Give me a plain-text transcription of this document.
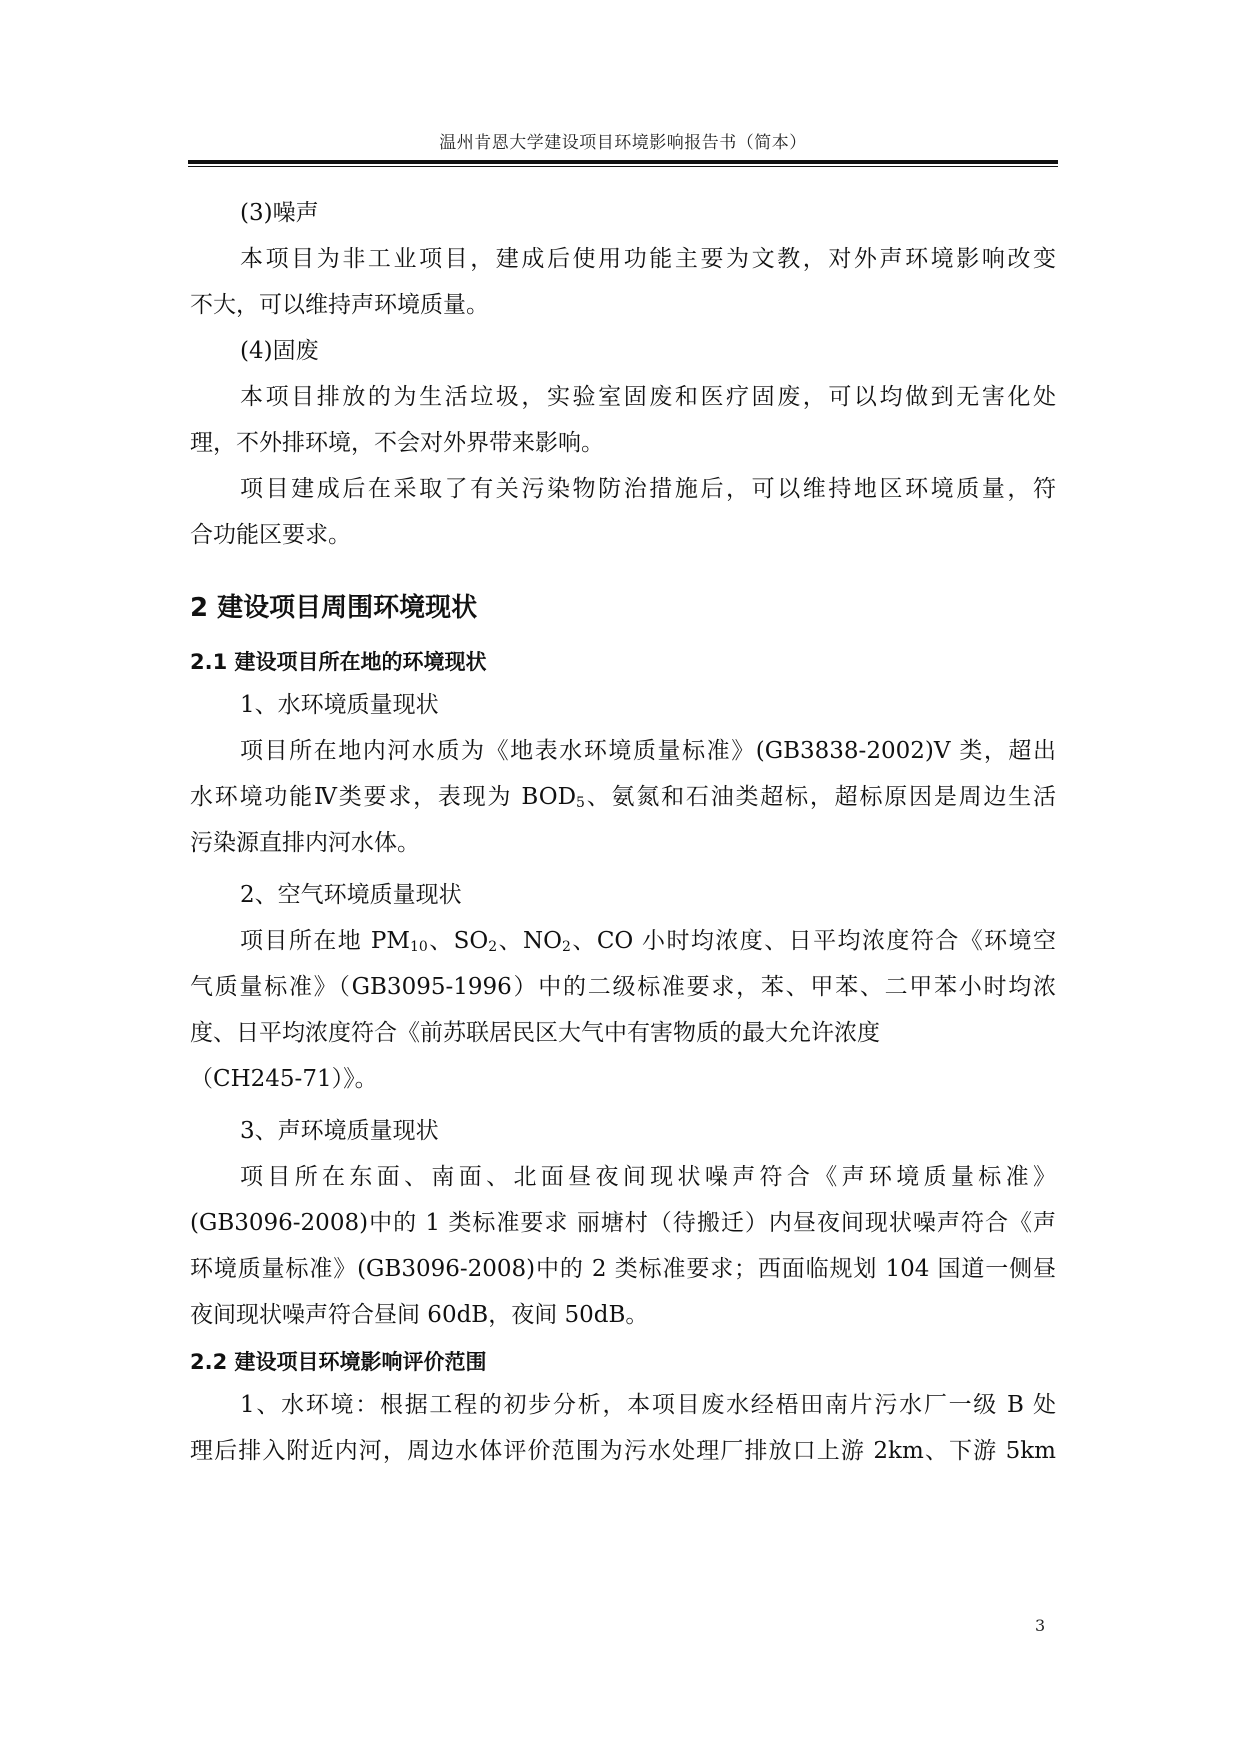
温州肯恩大学建设项目环境影响报告书（简本）

(3)噪声

本项目为非工业项目，建成后使用功能主要为文教，对外声环境影响改变

不大，可以维持声环境质量。

(4)固废

本项目排放的为生活垃圾，实验室固废和医疗固废，可以均做到无害化处

理，不外排环境，不会对外界带来影响。

项目建成后在采取了有关污染物防治措施后，可以维持地区环境质量，符

合功能区要求。

2 建设项目周围环境现状

2.1 建设项目所在地的环境现状

1、水环境质量现状

项目所在地内河水质为《地表水环境质量标准》(GB3838-2002)V 类，超出

水环境功能Ⅳ类要求，表现为 $BOD_5$、氨氮和石油类超标，超标原因是周边生活

污染源直排内河水体。

2、空气环境质量现状

项目所在地 $PM_{10}$、$SO_2$、$NO_2$、CO 小时均浓度、日平均浓度符合《环境空

气质量标准》（GB3095-1996）中的二级标准要求，苯、甲苯、二甲苯小时均浓

度、日平均浓度符合《前苏联居民区大气中有害物质的最大允许浓度

（CH245-71）》。

3、声环境质量现状

项目所在东面、南面、北面昼夜间现状噪声符合《声环境质量标准》

(GB3096-2008)中的 1 类标准要求 丽塘村（待搬迁）内昼夜间现状噪声符合《声

环境质量标准》(GB3096-2008)中的 2 类标准要求；西面临规划 104 国道一侧昼

夜间现状噪声符合昼间 60dB，夜间 50dB。

2.2 建设项目环境影响评价范围

1、水环境：根据工程的初步分析，本项目废水经梧田南片污水厂一级 B 处

理后排入附近内河，周边水体评价范围为污水处理厂排放口上游 2km、下游 5km

3
